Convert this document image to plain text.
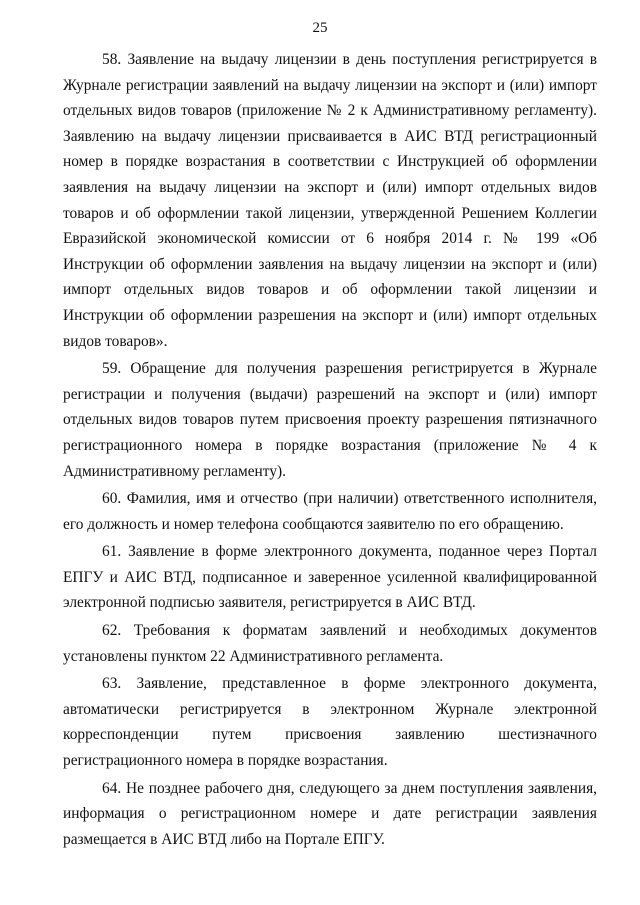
25

58. Заявление на выдачу лицензии в день поступления регистрируется в Журнале регистрации заявлений на выдачу лицензии на экспорт и (или) импорт отдельных видов товаров (приложение № 2 к Административному регламенту). Заявлению на выдачу лицензии присваивается в АИС ВТД регистрационный номер в порядке возрастания в соответствии с Инструкцией об оформлении заявления на выдачу лицензии на экспорт и (или) импорт отдельных видов товаров и об оформлении такой лицензии, утвержденной Решением Коллегии Евразийской экономической комиссии от 6 ноября 2014 г. № 199 «Об Инструкции об оформлении заявления на выдачу лицензии на экспорт и (или) импорт отдельных видов товаров и об оформлении такой лицензии и Инструкции об оформлении разрешения на экспорт и (или) импорт отдельных видов товаров».

59. Обращение для получения разрешения регистрируется в Журнале регистрации и получения (выдачи) разрешений на экспорт и (или) импорт отдельных видов товаров путем присвоения проекту разрешения пятизначного регистрационного номера в порядке возрастания (приложение № 4 к Административному регламенту).

60. Фамилия, имя и отчество (при наличии) ответственного исполнителя, его должность и номер телефона сообщаются заявителю по его обращению.

61. Заявление в форме электронного документа, поданное через Портал ЕПГУ и АИС ВТД, подписанное и заверенное усиленной квалифицированной электронной подписью заявителя, регистрируется в АИС ВТД.

62. Требования к форматам заявлений и необходимых документов установлены пунктом 22 Административного регламента.

63. Заявление, представленное в форме электронного документа, автоматически регистрируется в электронном Журнале электронной корреспонденции путем присвоения заявлению шестизначного регистрационного номера в порядке возрастания.

64. Не позднее рабочего дня, следующего за днем поступления заявления, информация о регистрационном номере и дате регистрации заявления размещается в АИС ВТД либо на Портале ЕПГУ.
